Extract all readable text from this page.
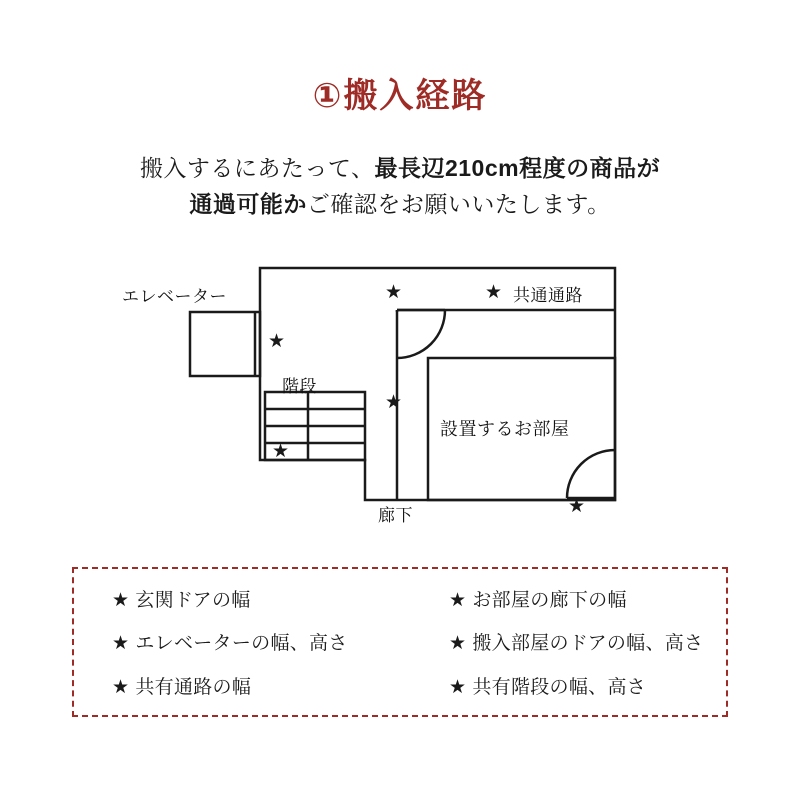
①搬入経路
搬入するにあたって、最長辺210cm程度の商品が
通過可能かご確認をお願いいたします。
★
★
★
★
★
★
エレベーター
階段
共通通路
設置するお部屋
廊下
★ 玄関ドアの幅	★ お部屋の廊下の幅
★ エレベーターの幅、高さ	★ 搬入部屋のドアの幅、高さ
★ 共有通路の幅	★ 共有階段の幅、高さ
